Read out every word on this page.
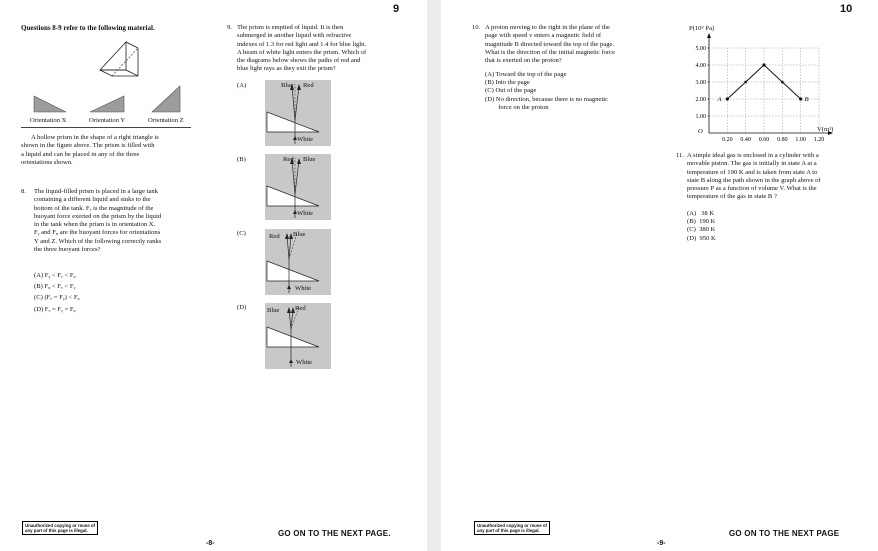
9
Questions 8-9 refer to the following material.
Orientation X	Orientation Y	Orientation Z
A hollow prism in the shape of a right triangle is
shown in the figure above. The prism is filled with
a liquid and can be placed in any of the three
orientations shown.
8. The liquid-filled prism is placed in a large tank
containing a different liquid and sinks to the
bottom of the tank. Fₓ is the magnitude of the
buoyant force exerted on the prism by the liquid
in the tank when the prism is in orientation X.
Fᵧ and Fᵩ are the buoyant forces for orientations
Y and Z. Which of the following correctly ranks
the three buoyant forces?
(A) Fᵧ < Fₓ < Fᵩ
(B) Fᵩ < Fₓ < Fᵧ
(C) (Fₓ = Fᵧ) < Fᵩ
(D) Fₓ = Fᵧ = Fᵩ
9. The prism is emptied of liquid. It is then
submerged in another liquid with refractive
indexes of 1.3 for red light and 1.4 for blue light.
A beam of white light enters the prism. Which of
the diagrams below shows the paths of red and
blue light rays as they exit the prism?
(A)	Blue Red
White
(B)	Red Blue
White
(C)	Red Blue
White
(D)	Blue Red
White
Unauthorized copying or reuse of
any part of this page is illegal.
-8-
GO ON TO THE NEXT PAGE.
10
10. A proton moving to the right in the plane of the
page with speed v enters a magnetic field of
magnitude B directed toward the top of the page.
What is the direction of the initial magnetic force
that is exerted on the proton?
(A) Toward the top of the page
(B) Into the page
(C) Out of the page
(D) No direction, because there is no magnetic
force on the proton
P(10⁵ Pa)
5.00
4.00
3.00
2.00
1.00
0.20 0.40 0.60 0.80 1.00 1.20
A	B
V(m³)
O
11. A simple ideal gas is enclosed in a cylinder with a
movable piston. The gas is initially in state A at a
temperature of 190 K and is taken from state A to
state B along the path shown in the graph above of
pressure P as a function of volume V. What is the
temperature of the gas in state B ?
(A)   38 K
(B)  190 K
(C)  380 K
(D)  950 K
Unauthorized copying or reuse of
any part of this page is illegal.
-9-
GO ON TO THE NEXT PAGE
